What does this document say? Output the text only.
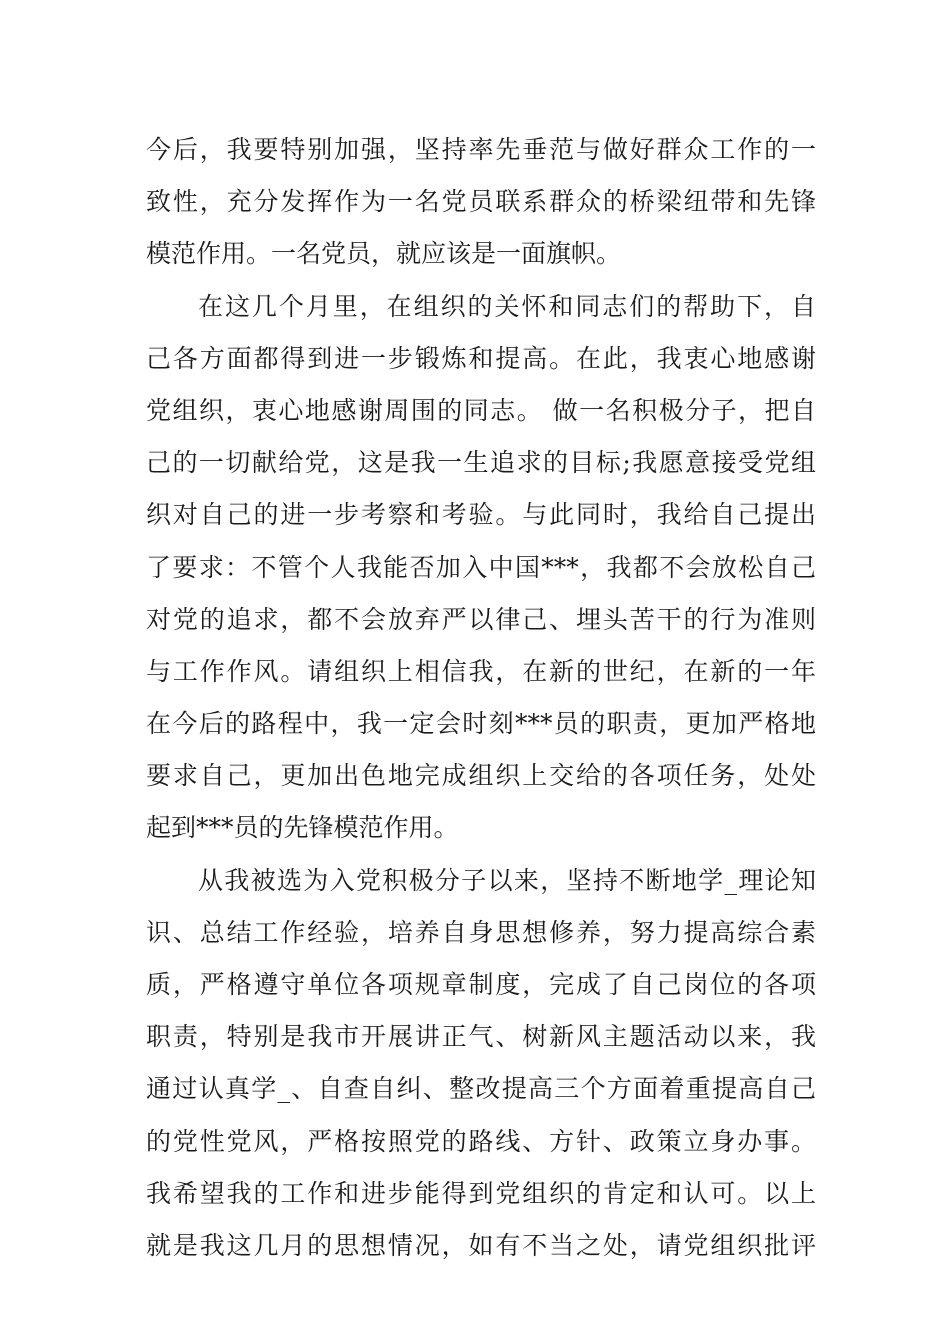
今后，我要特别加强，坚持率先垂范与做好群众工作的一
致性，充分发挥作为一名党员联系群众的桥梁纽带和先锋
模范作用。一名党员，就应该是一面旗帜。
在这几个月里，在组织的关怀和同志们的帮助下，自
己各方面都得到进一步锻炼和提高。在此，我衷心地感谢
党组织，衷心地感谢周围的同志。 做一名积极分子，把自
己的一切献给党，这是我一生追求的目标;我愿意接受党组
织对自己的进一步考察和考验。与此同时，我给自己提出
了要求：不管个人我能否加入中国***，我都不会放松自己
对党的追求，都不会放弃严以律己、埋头苦干的行为准则
与工作作风。请组织上相信我，在新的世纪，在新的一年
在今后的路程中，我一定会时刻***员的职责，更加严格地
要求自己，更加出色地完成组织上交给的各项任务，处处
起到***员的先锋模范作用。
从我被选为入党积极分子以来，坚持不断地学_理论知
识、总结工作经验，培养自身思想修养，努力提高综合素
质，严格遵守单位各项规章制度，完成了自己岗位的各项
职责，特别是我市开展讲正气、树新风主题活动以来，我
通过认真学_、自查自纠、整改提高三个方面着重提高自己
的党性党风，严格按照党的路线、方针、政策立身办事。
我希望我的工作和进步能得到党组织的肯定和认可。以上
就是我这几月的思想情况，如有不当之处，请党组织批评
